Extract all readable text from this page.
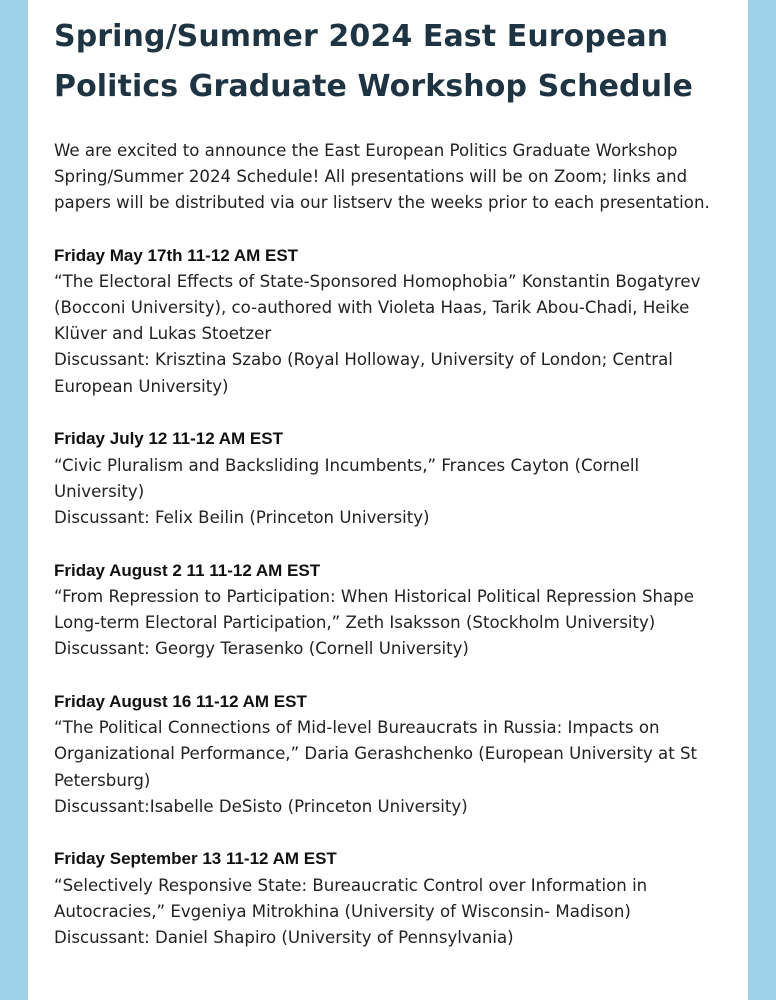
Spring/Summer 2024 East European
Politics Graduate Workshop Schedule

We are excited to announce the East European Politics Graduate Workshop Spring/Summer 2024 Schedule! All presentations will be on Zoom; links and papers will be distributed via our listserv the weeks prior to each presentation.

Friday May 17th 11-12 AM EST
“The Electoral Effects of State-Sponsored Homophobia” Konstantin Bogatyrev (Bocconi University), co-authored with Violeta Haas, Tarik Abou-Chadi, Heike Klüver and Lukas Stoetzer
Discussant: Krisztina Szabo (Royal Holloway, University of London; Central European University)
Friday July 12 11-12 AM EST
“Civic Pluralism and Backsliding Incumbents,” Frances Cayton (Cornell University)
Discussant: Felix Beilin (Princeton University)
Friday August 2 11 11-12 AM EST
“From Repression to Participation: When Historical Political Repression Shape Long-term Electoral Participation,” Zeth Isaksson (Stockholm University)
Discussant: Georgy Terasenko (Cornell University)
Friday August 16 11-12 AM EST
“The Political Connections of Mid-level Bureaucrats in Russia: Impacts on Organizational Performance,” Daria Gerashchenko (European University at St Petersburg)
Discussant:Isabelle DeSisto (Princeton University)
Friday September 13 11-12 AM EST
“Selectively Responsive State: Bureaucratic Control over Information in Autocracies,” Evgeniya Mitrokhina (University of Wisconsin- Madison)
Discussant: Daniel Shapiro (University of Pennsylvania)
